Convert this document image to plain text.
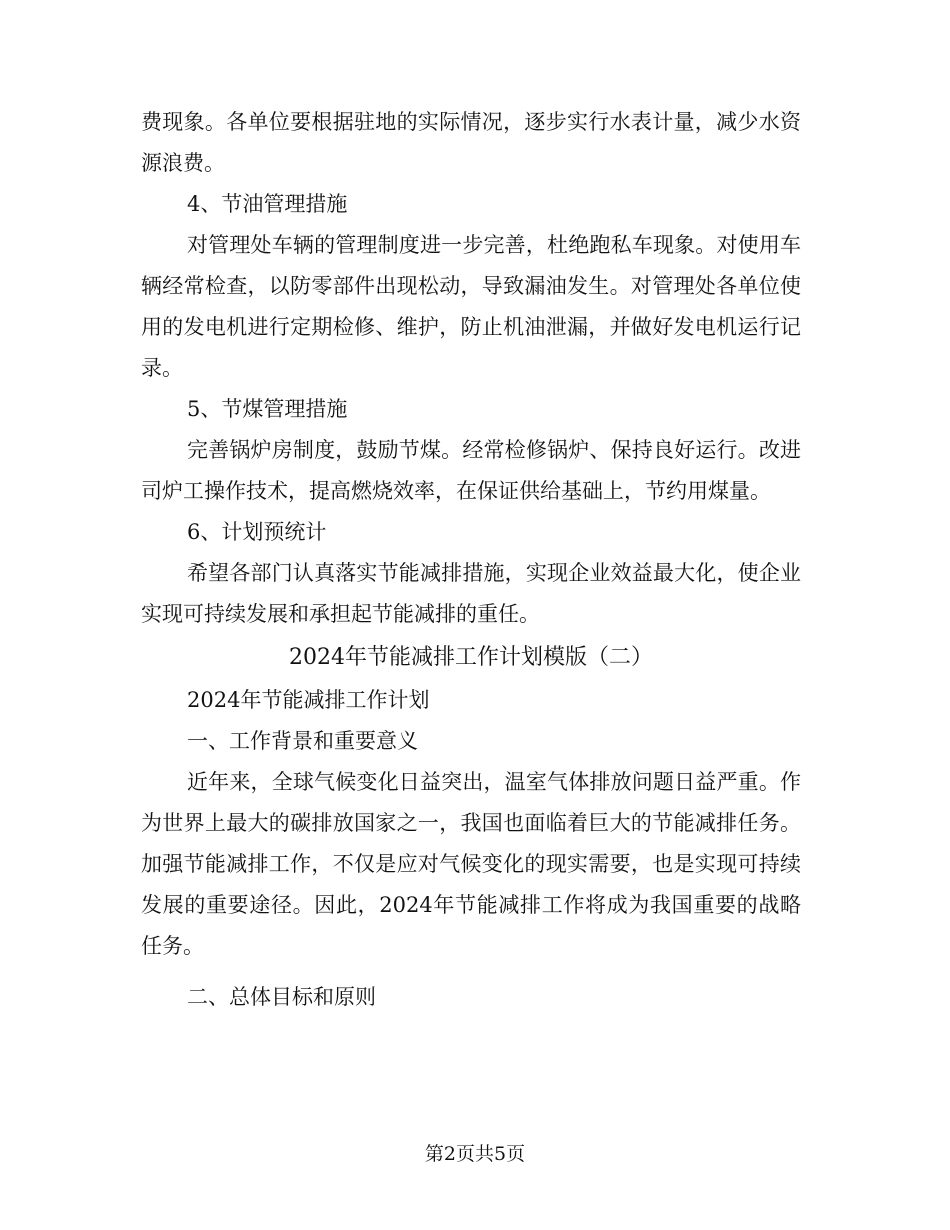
费现象。各单位要根据驻地的实际情况，逐步实行水表计量，减少水资源浪费。

4、节油管理措施

对管理处车辆的管理制度进一步完善，杜绝跑私车现象。对使用车辆经常检查，以防零部件出现松动，导致漏油发生。对管理处各单位使用的发电机进行定期检修、维护，防止机油泄漏，并做好发电机运行记录。

5、节煤管理措施

完善锅炉房制度，鼓励节煤。经常检修锅炉、保持良好运行。改进司炉工操作技术，提高燃烧效率，在保证供给基础上，节约用煤量。

6、计划预统计

希望各部门认真落实节能减排措施，实现企业效益最大化，使企业实现可持续发展和承担起节能减排的重任。

2024年节能减排工作计划模版（二）

2024年节能减排工作计划

一、工作背景和重要意义

近年来，全球气候变化日益突出，温室气体排放问题日益严重。作为世界上最大的碳排放国家之一，我国也面临着巨大的节能减排任务。加强节能减排工作，不仅是应对气候变化的现实需要，也是实现可持续发展的重要途径。因此，2024年节能减排工作将成为我国重要的战略任务。

二、总体目标和原则

第2页共5页
